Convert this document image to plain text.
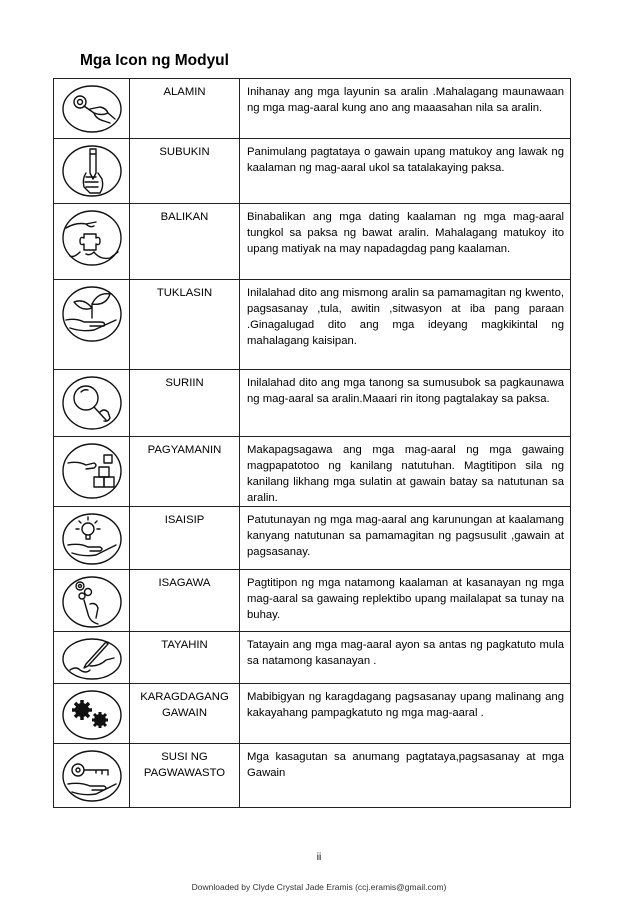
Mga Icon ng Modyul
	ALAMIN	Inihanay ang mga layunin sa aralin .Mahalagang maunawaan ng mga mag-aaral kung ano ang maaasahan nila sa aralin.

	SUBUKIN	Panimulang pagtataya o gawain upang matukoy ang lawak ng kaalaman ng mag-aaral ukol sa tatalakaying paksa.

	BALIKAN	Binabalikan ang mga dating kaalaman ng mga mag-aaral tungkol sa paksa ng bawat aralin. Mahalagang matukoy ito upang matiyak na may napadagdag pang kaalaman.

	TUKLASIN	Inilalahad dito ang mismong aralin sa pamamagitan ng kwento, pagsasanay ,tula, awitin ,sitwasyon at iba pang paraan .Ginagalugad dito ang mga ideyang magkikintal ng mahalagang kaisipan.

	SURIIN	Inilalahad dito ang mga tanong sa sumusubok sa pagkaunawa ng mag-aaral sa aralin.Maaari rin itong pagtalakay sa paksa.

	PAGYAMANIN	Makapagsagawa ang mga mag-aaral ng mga gawaing magpapatotoo ng kanilang natutuhan. Magtitipon sila ng kanilang likhang mga sulatin at gawain batay sa natutunan sa aralin.

	ISAISIP	Patutunayan ng mga mag-aaral ang karunungan at kaalamang kanyang natutunan sa pamamagitan ng pagsusulit ,gawain at pagsasanay.

	ISAGAWA	Pagtitipon ng mga natamong kaalaman at kasanayan ng mga mag-aaral sa gawaing replektibo upang mailalapat sa tunay na buhay.

	TAYAHIN	Tatayain ang mga mag-aaral ayon sa antas ng pagkatuto mula sa natamong kasanayan .

	KARAGDAGANG GAWAIN	Mabibigyan ng karagdagang pagsasanay upang malinang ang kakayahang pampagkatuto ng mga mag-aaral .

	SUSI NG PAGWAWASTO	Mga kasagutan sa anumang pagtataya,pagsasanay at mga Gawain
ii
Downloaded by Clyde Crystal Jade Eramis (ccj.eramis@gmail.com)
